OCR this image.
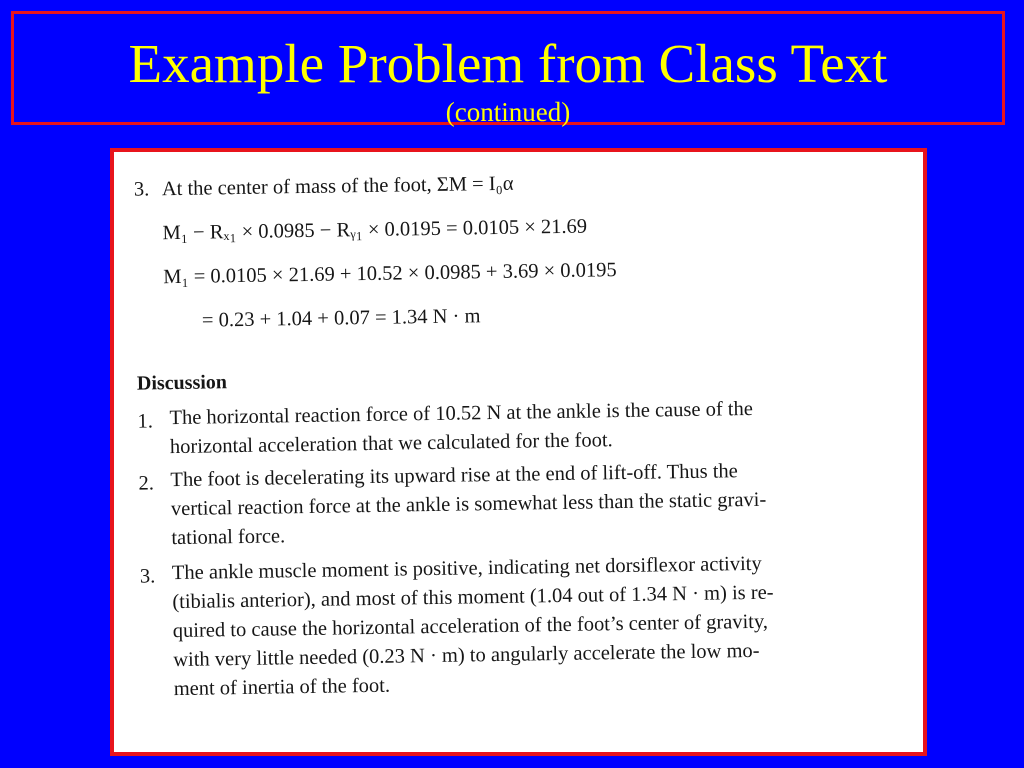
Example Problem from Class Text
(continued)
3. At the center of mass of the foot, ΣM = I₀α
M₁ − Rₓ₁ × 0.0985 − Rᵧ₁ × 0.0195 = 0.0105 × 21.69
M₁ = 0.0105 × 21.69 + 10.52 × 0.0985 + 3.69 × 0.0195
= 0.23 + 1.04 + 0.07 = 1.34 N · m
Discussion
1. The horizontal reaction force of 10.52 N at the ankle is the cause of the
horizontal acceleration that we calculated for the foot.
2. The foot is decelerating its upward rise at the end of lift-off. Thus the
vertical reaction force at the ankle is somewhat less than the static gravi-
tational force.
3. The ankle muscle moment is positive, indicating net dorsiflexor activity
(tibialis anterior), and most of this moment (1.04 out of 1.34 N · m) is re-
quired to cause the horizontal acceleration of the foot’s center of gravity,
with very little needed (0.23 N · m) to angularly accelerate the low mo-
ment of inertia of the foot.
